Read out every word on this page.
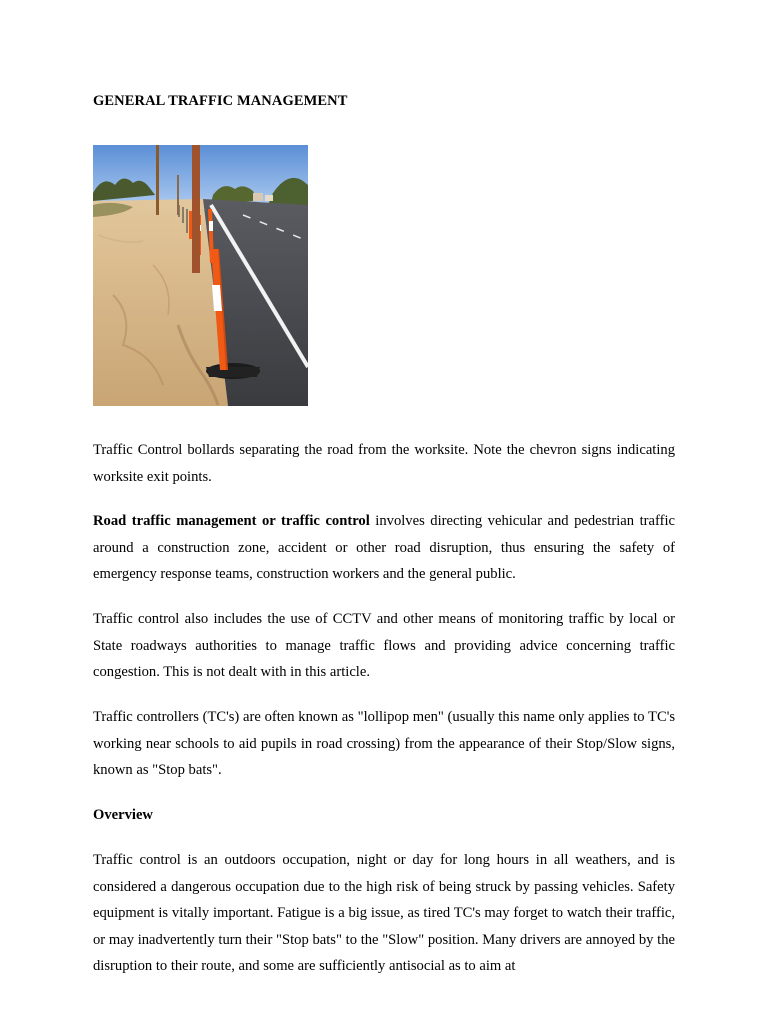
GENERAL TRAFFIC MANAGEMENT

Traffic Control bollards separating the road from the worksite. Note the chevron signs indicating worksite exit points.

Road traffic management or traffic control involves directing vehicular and pedestrian traffic around a construction zone, accident or other road disruption, thus ensuring the safety of emergency response teams, construction workers and the general public.

Traffic control also includes the use of CCTV and other means of monitoring traffic by local or State roadways authorities to manage traffic flows and providing advice concerning traffic congestion. This is not dealt with in this article.

Traffic controllers (TC's) are often known as "lollipop men" (usually this name only applies to TC's working near schools to aid pupils in road crossing) from the appearance of their Stop/Slow signs, known as "Stop bats".

Overview

Traffic control is an outdoors occupation, night or day for long hours in all weathers, and is considered a dangerous occupation due to the high risk of being struck by passing vehicles. Safety equipment is vitally important. Fatigue is a big issue, as tired TC's may forget to watch their traffic, or may inadvertently turn their "Stop bats" to the "Slow" position. Many drivers are annoyed by the disruption to their route, and some are sufficiently antisocial as to aim at
